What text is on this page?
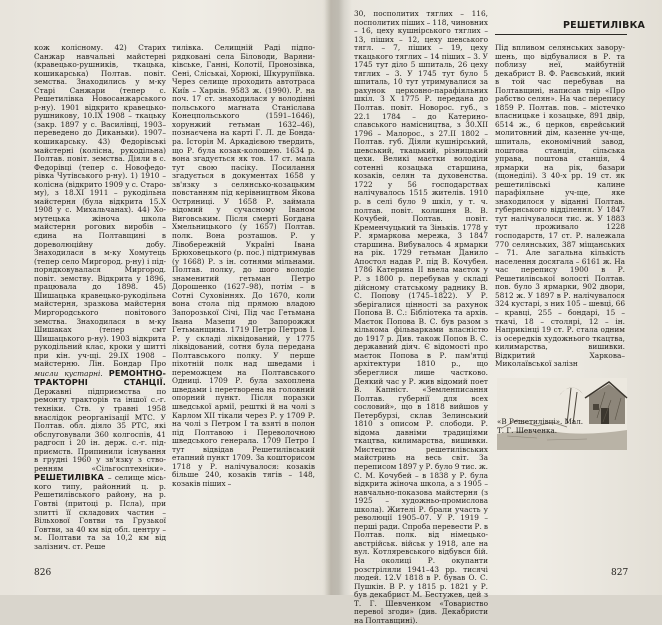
кож колісному. 42) Старих Санжар навчальні майстерні (кравецько-рушників, ткацька, кошикарська) Полтав. повіт. земства. Знаходились у м-ку Старі Санжари (тепер с. Решетилівка Новосанжарського р-ну). 1901 відкрито кравецько-рушникову, 10.IX 1908 – ткацьку (закр. 1897 у с. Василівці, 1903– переведено до Диканьки). 1907– кошикарську. 43) Федорівські майстерні (колісна, рукодільна) Полтав. повіт. земства. Діяли в с. Федорівці (тепер с. Новофедорівка Чутівського р-ну). 1) 1910 – колісна (відкрито 1909 у с. Старому), з 18.XI 1911 – рукодільна майстерня (була відкрита 15.X 1908 у с. Михальчанах). 44) Хомутецька жіноча школа майстерня рогових виробів – єдина на Полтавщині в дореволюційну добу. Знаходилася в м-ку Хомутець (тепер село Миргород. р-ну) і підпорядковувалася Миргород. повіт. земству. Відкрита у 1896, працювала до 1898. 45) Шишацька кравецько-рукодільна майстерня, зразкова майстерня Миргородського повітового земства. Знаходилася в м-ку Шишаках (тепер смт Шишацького р-ну). 1903 відкрита рукодільний клас, кроки у шитті при кін. уч-щі. 29.IX 1908 – майстерню. Лін. Бондар Про мисли кустарні. РЕМОНТНО-ТРАКТОРНІ СТАНЦІЇ. Державні підприємства по ремонту тракторів та іншої с.-г. техніки. Ств. у травні 1958 внаслідок реорганізації МТС. У Полтав. обл. діяло 35 РТС, які обслуговували 360 колгоспів, 41 радгосп і 20 ін. держ. с.-г. підприємств. Припинили існування в грудні 1960 у зв'язку з створенням «Сільгосптехніки». РЕШЕТИЛІВКА – селище міського типу, районний ц. р. Решетилівського району, на р. Говтві (притоці р. Псла), при злитті її складових частин – Вільхової Говтви та Грузької Говтви, за 40 км від обл. центру – м. Полтави та за 10,2 км від залізнич. ст. Реше

тилівка. Селищній Раді підпорядковані села Біловоди, Варяниківське, Ганні, Колотії, Пронозівка, Сені, Сліськаі, Хорюкі, Шкурупіївка. Через селище проходить автотраса Київ – Харків. 9583 ж. (1990). Р. на поч. 17 ст. знаходилася у володінні польського магната Станіслава Конецпольського (1591–1646), хорунжий гетьман 1632–46), познаєчена на карті Г. Л. де Бондара. Історія М. Аркадієвою твердить, що Р. була козак-колошею. 1634 р. вона згадується як тов. 17 ст. мала тут свою пасіку. Посилання згадується в документах 1658 у зв'язку з селянсько-козацьким повстанням під керівництвом Якова Остряниці. У 1658 Р. займала відомий у сучасному Іваном Виговським. Після смерті Богдана Хмельницького (у 1657) Полтав. полк. Вона розташов. Р. у Лівобережній Україні Івана Брюховецького (р. пос.) підтримував (у 1668) Р. з ін. сотнями мільнами. Полтав. полку, до шого володіє знаменитий гетьман Петро Дорошенко (1627–98), потім – в Сотні Суховіннях. До 1670, коли вона стола під прямою владою Запорозької Січі, Під час Гетьмана Івана Мазепи до Запорожжя Гетьманщина. 1719 Петро Петров І. Р. у складі ліквідований, у 1775 ліквідований, сотня була передана Полтавського полку. У перше піхотній полк над шведами і переможцем на Полтавського Одниці. 1709 Р. була захоплена шведами і перетворена на головний опорний пункт. Після поразки шведської армії, решткі й на чолі з Карлом XII тікали через Р. у 1709 Р. на чолі з Петром І та взяті в полон під Полтавою і Переволочною шведського генерала. 1709 Петро І тут відвідав Решетилівський етапний пункт 1709. За кошторисом 1718 у Р. налічувалося: козаків більше 240, козаків тягів – 148, козаків піших –

РЕШЕТИЛІВКА

30, посполитих тяглих – 116, посполитих піших – 118, чиновних – 16, цеху кушнірського тяглих – 13, піших – 12, цеху шевського тягл. – 7, піших – 19, цеху ткацького тяглих – 14 піших – 3. У 1745 тут діло 5 шпиталь, 26 цеху тяглих – 3. У 1745 тут було 5 шпиталь, 10 тут утримувалися за рахунок церковно-парафіяльних шкіл. З X 1775 Р. передана до Полтав. повіт. Новорос. губ., з 22.1 1784 – до Катеринославського намісництва, з 30.XII 1796 – Малорос., з 27.II 1802 – Полтав. губ. Діяли кушнірський, шевський, ткацький, різницький цехи. Великі маєтки володіли сотенні козацька старшина, козаків, селян та духовенства. 1722 у 56 господарствах налічувалось 1515 жителів. 1910 р. в селі було 9 шкіл, у т. ч. полтав. повіт. колишня В. В. Кочубей, Полтав. повіт. Кременчуцький та Зіньків. 1778 у Р. ярмаркова мережа, 3 1847 старшина. Вибувалось 4 ярмарки на рік. 1729 гетьман Данило Апостол надав Р. під В. Кочубея. 1786 Катерина ІІ ввела маєток у Р. з 1800 р. перебував у складі дійсному статському раднику В. С. Попову (1745–1822). У Р. зберігалися цінності за рахунок Попова В. С.: Бібліотека та архів. Маєток Попова В. С. був разом з кількома фільварками власністю до 1917 р. Див. також Попов В. С. державний діяч. Є відомості про маєток Попова в Р. пам'ятці архітектури 1810 р., що збереглися лише частково. Деякий час у Р. жив відомий поет В. Капніст. «Земленписання Полтав. губернії для всех сословий», що в 1818 вийшов у Петербурзі, склав Зелинський 1810 з описом Р. слободи. Р. відома давніми традиціями ткацтва, килимарства, вишивки. Мистецтво решетилівських майстринь на весь світ. За переписом 1897 у Р. було 9 тис. ж. С. М. Кочубей – в 1838 у Р. була відкрита жіноча школа, а з 1905 – навчально-показова майстерня (з 1925 – художньо-промислова школа). Жителі Р. брали участь у революції 1905–07. У Р. 1919 – перші ради. Спроба перевести Р. в Полтав. полк. від німецько-австрійськ. військ у 1918, але на вул. Котляревського відбувся бій. На околиці Р. окупанти розстріляли 1941–43 рр. тисячі людей. 12.V 1818 в Р. бував О. С. Пушкін. В Р. у 1815 р. 1821 у Р. був декабрист М. Бестужев, цей з Т. Г. Шевченком «Товариство перевої згоди» (див. Декабристи на Полтавщині).

Під впливом селянських заворушень, що відбувалися в Р. та поблизу неї, майбутній декабрист В. Ф. Раєвський, який в той час перебував на Полтавщині, написав твір «Про рабство селян». На час перепису 1859 Р. Полтав. пов. – містечко власницьке і козацьке, 891 двір, 6514 ж., 6 церков, єврейський молитовний дім, казенне уч-ще, шпиталь, економічний завод, поштова станція, сільська управа, поштова станція, 4 ярмарки на рік, базари (щонеділі). З 40-х рр. 19 ст. як решетилівські калине парафіяльне уч-ще, яке знаходилося у віданні Полтав. губернського відділення. У 1847 тут налічувалося тис. ж. У 1883 тут проживало 1228 господарств, 17 ст. Р. належала 770 селянських, 387 міщанських – 71. Але загальна кількість населення досягала – 6161 ж. На час перепису 1900 в Р. Решетилівської волості Полтав. пов. було 3 ярмарки, 902 двори, 5812 ж. У 1897 в Р. налічувалося 324 кустарі, з них 105 – шевці, 66 – кравці, 255 – бондарі, 15 – ткачі, 18 – столярі, 12 – ін. Наприкінці 19 ст. Р. стала одним із осередків художнього ткацтва, килимарства, вишивки. Відкритий Харкова–Миколаївської залізн

«В Решетилівці». Мал. Т. Г. Шевченка.
826	827
